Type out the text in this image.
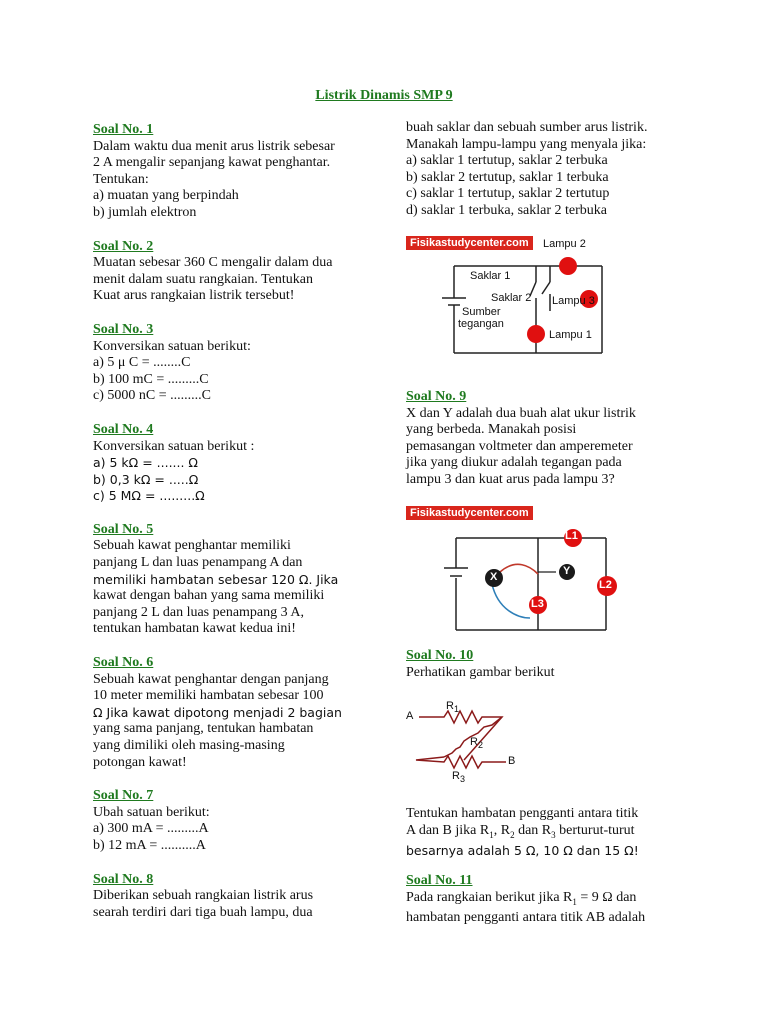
Listrik Dinamis SMP 9
Soal No. 1
Dalam waktu dua menit arus listrik sebesar
2 A mengalir sepanjang kawat penghantar.
Tentukan:
a) muatan yang berpindah
b) jumlah elektron
Soal No. 2
Muatan sebesar 360 C mengalir dalam dua
menit dalam suatu rangkaian. Tentukan
Kuat arus rangkaian listrik tersebut!
Soal No. 3
Konversikan satuan berikut:
a) 5 μ C = ........C
b) 100 mC = .........C
c) 5000 nC = .........C
Soal No. 4
Konversikan satuan berikut :
a) 5 kΩ = ....... Ω
b) 0,3 kΩ = .....Ω
c) 5 MΩ = .........Ω
Soal No. 5
Sebuah kawat penghantar memiliki
panjang L dan luas penampang A dan
memiliki hambatan sebesar 120 Ω. Jika
kawat dengan bahan yang sama memiliki
panjang 2 L dan luas penampang 3 A,
tentukan hambatan kawat kedua ini!
Soal No. 6
Sebuah kawat penghantar dengan panjang
10 meter memiliki hambatan sebesar 100
Ω Jika kawat dipotong menjadi 2 bagian
yang sama panjang, tentukan hambatan
yang dimiliki oleh masing-masing
potongan kawat!
Soal No. 7
Ubah satuan berikut:
a) 300 mA = .........A
b) 12 mA = ..........A
Soal No. 8
Diberikan sebuah rangkaian listrik arus
searah terdiri dari tiga buah lampu, dua
buah saklar dan sebuah sumber arus listrik.
Manakah lampu-lampu yang menyala jika:
a) saklar 1 tertutup, saklar 2 terbuka
b) saklar 2 tertutup, saklar 1 terbuka
c) saklar 1 tertutup, saklar 2 tertutup
d) saklar 1 terbuka, saklar 2 terbuka
Fisikastudycenter.com	Lampu 2
Saklar 1
Saklar 2 Lampu 3
Sumber
tegangan
Lampu 1
Soal No. 9
X dan Y adalah dua buah alat ukur listrik
yang berbeda. Manakah posisi
pemasangan voltmeter dan amperemeter
jika yang diukur adalah tegangan pada
lampu 3 dan kuat arus pada lampu 3?
Fisikastudycenter.com
L1
L2
L3
X	Y
Soal No. 10
Perhatikan gambar berikut
A
B
$R_1$
$R_2$
$R_3$
Tentukan hambatan pengganti antara titik
A dan B jika $R_1$, $R_2$ dan $R_3$ berturut-turut
besarnya adalah 5 Ω, 10 Ω dan 15 Ω!
Soal No. 11
Pada rangkaian berikut jika $R_1 = 9$ Ω dan
hambatan pengganti antara titik AB adalah
